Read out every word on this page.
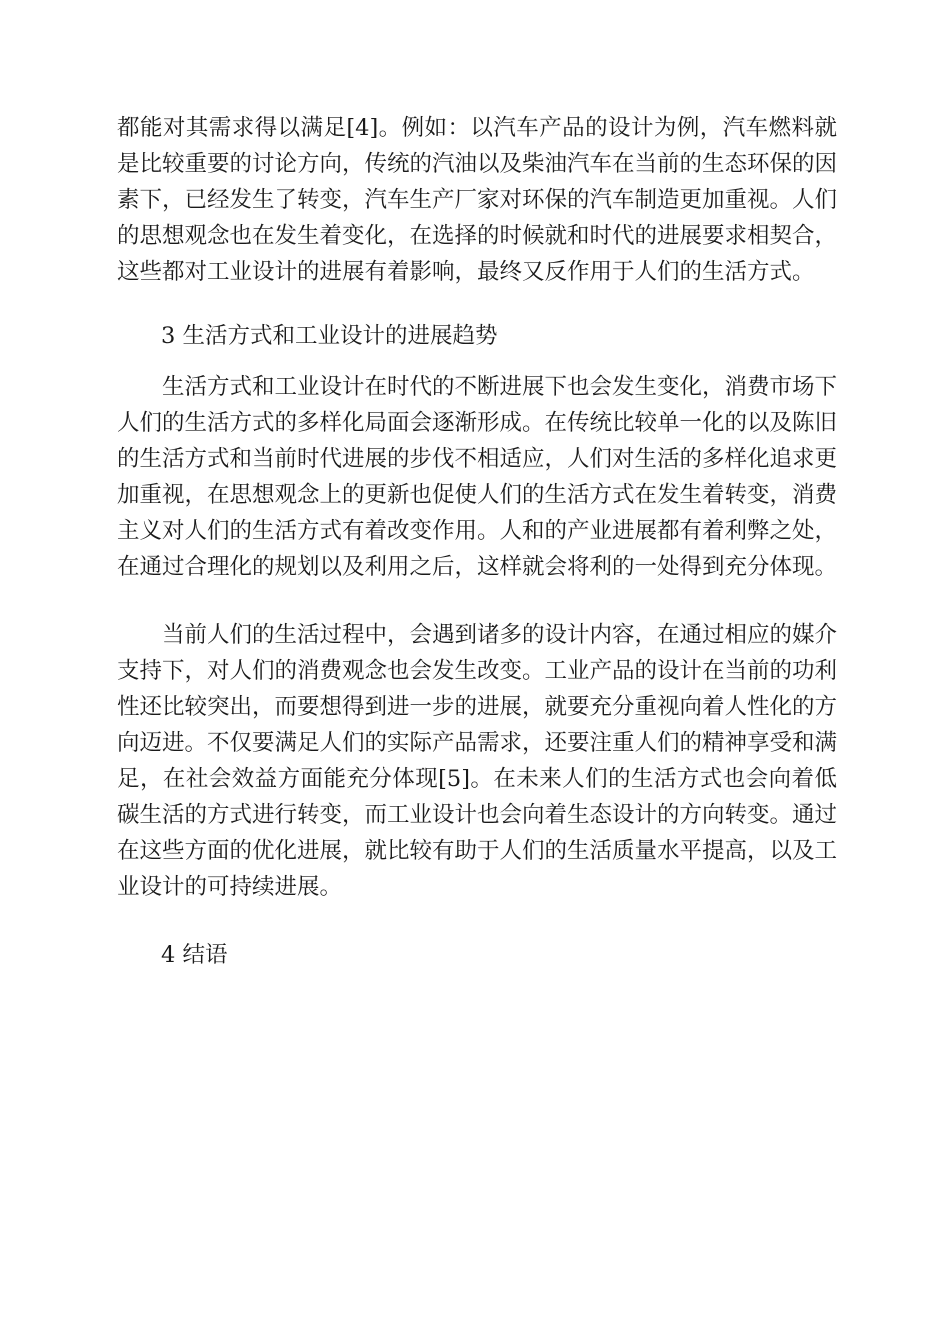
都能对其需求得以满足[4]。例如：以汽车产品的设计为例，汽车燃料就
是比较重要的讨论方向，传统的汽油以及柴油汽车在当前的生态环保的因
素下，已经发生了转变，汽车生产厂家对环保的汽车制造更加重视。人们
的思想观念也在发生着变化，在选择的时候就和时代的进展要求相契合，
这些都对工业设计的进展有着影响，最终又反作用于人们的生活方式。
3 生活方式和工业设计的进展趋势
　　生活方式和工业设计在时代的不断进展下也会发生变化，消费市场下
人们的生活方式的多样化局面会逐渐形成。在传统比较单一化的以及陈旧
的生活方式和当前时代进展的步伐不相适应，人们对生活的多样化追求更
加重视，在思想观念上的更新也促使人们的生活方式在发生着转变，消费
主义对人们的生活方式有着改变作用。人和的产业进展都有着利弊之处，
在通过合理化的规划以及利用之后，这样就会将利的一处得到充分体现。
　　当前人们的生活过程中，会遇到诸多的设计内容，在通过相应的媒介
支持下，对人们的消费观念也会发生改变。工业产品的设计在当前的功利
性还比较突出，而要想得到进一步的进展，就要充分重视向着人性化的方
向迈进。不仅要满足人们的实际产品需求，还要注重人们的精神享受和满
足，在社会效益方面能充分体现[5]。在未来人们的生活方式也会向着低
碳生活的方式进行转变，而工业设计也会向着生态设计的方向转变。通过
在这些方面的优化进展，就比较有助于人们的生活质量水平提高，以及工
业设计的可持续进展。
4 结语
